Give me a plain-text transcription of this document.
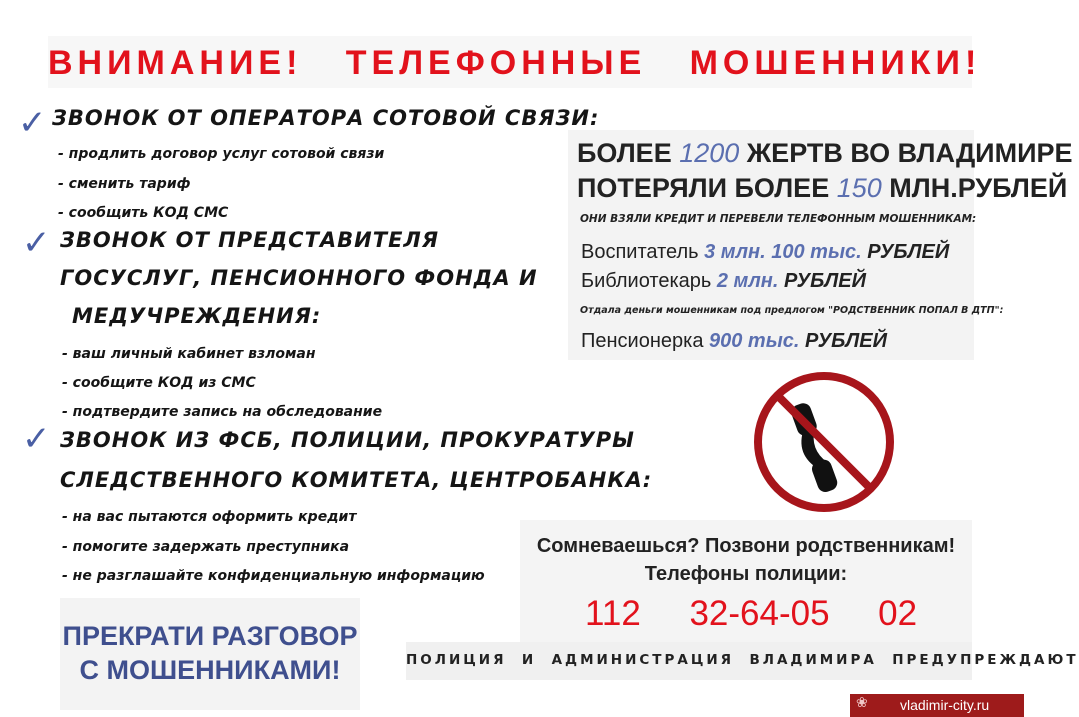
ВНИМАНИЕ!   ТЕЛЕФОННЫЕ   МОШЕННИКИ!
✓ ЗВОНОК ОТ ОПЕРАТОРА СОТОВОЙ СВЯЗИ:
- продлить договор услуг сотовой связи
- сменить тариф
- сообщить КОД СМС
✓ ЗВОНОК ОТ ПРЕДСТАВИТЕЛЯ
ГОСУСЛУГ, ПЕНСИОННОГО ФОНДА И
МЕДУЧРЕЖДЕНИЯ:
- ваш личный кабинет взломан
- сообщите КОД из СМС
- подтвердите запись на обследование
✓ ЗВОНОК ИЗ ФСБ, ПОЛИЦИИ, ПРОКУРАТУРЫ
СЛЕДСТВЕННОГО КОМИТЕТА, ЦЕНТРОБАНКА:
- на вас пытаются оформить кредит
- помогите задержать преступника
- не разглашайте конфиденциальную информацию
БОЛЕЕ 1200 ЖЕРТВ ВО ВЛАДИМИРЕ
ПОТЕРЯЛИ БОЛЕЕ 150 МЛН.РУБЛЕЙ
ОНИ ВЗЯЛИ КРЕДИТ И ПЕРЕВЕЛИ ТЕЛЕФОННЫМ МОШЕННИКАМ:
Воспитатель 3 млн. 100 тыс. РУБЛЕЙ
Библиотекарь 2 млн. РУБЛЕЙ
Отдала деньги мошенникам под предлогом "РОДСТВЕННИК ПОПАЛ В ДТП":
Пенсионерка 900 тыс. РУБЛЕЙ
Сомневаешься? Позвони родственникам!
Телефоны полиции:
112 32-64-05 02
ПОЛИЦИЯ  И  АДМИНИСТРАЦИЯ  ВЛАДИМИРА  ПРЕДУПРЕЖДАЮТ
ПРЕКРАТИ РАЗГОВОР
С МОШЕННИКАМИ!
❀ vladimir-city.ru
